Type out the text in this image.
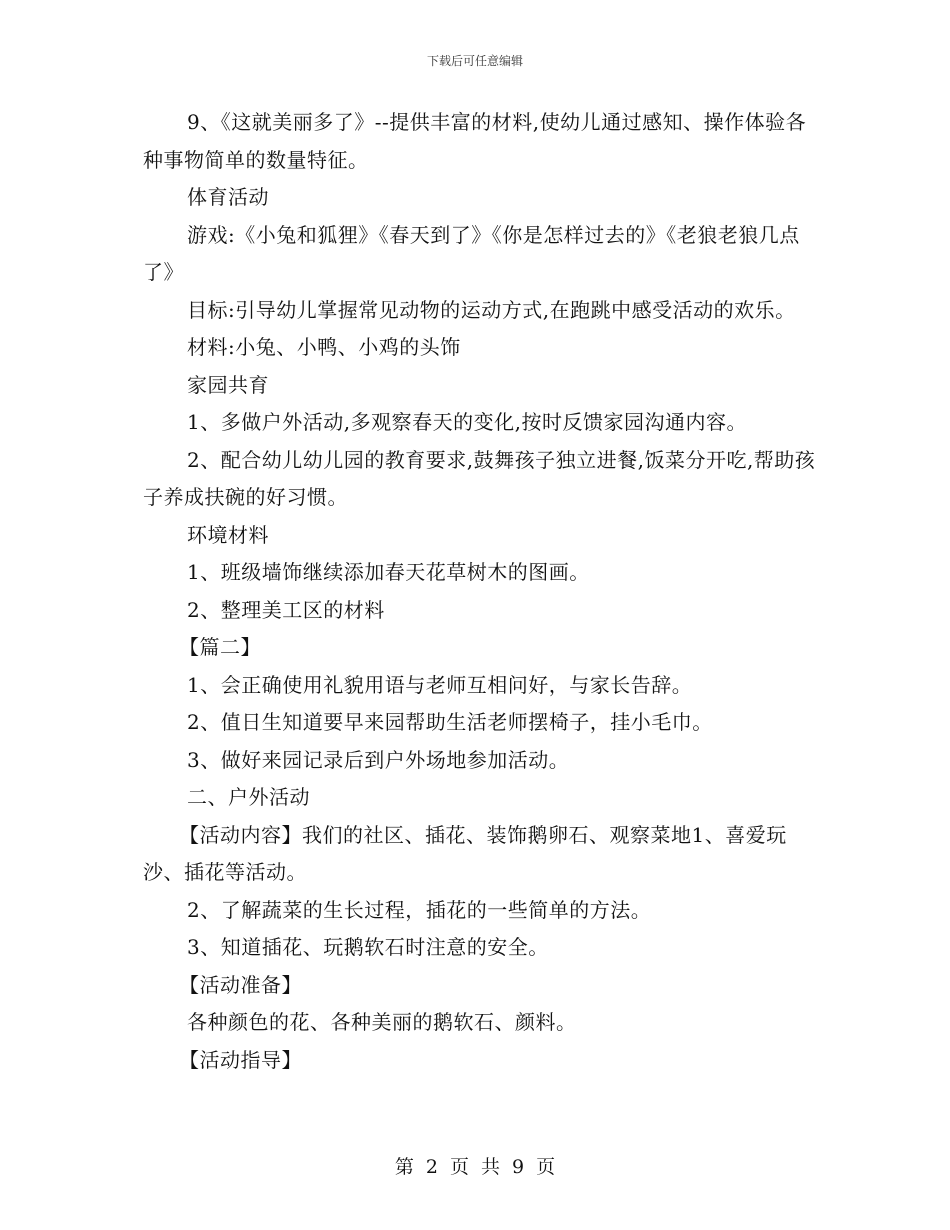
下载后可任意编辑

9、《这就美丽多了》--提供丰富的材料,使幼儿通过感知、操作体验各种事物简单的数量特征。

体育活动

游戏:《小兔和狐狸》《春天到了》《你是怎样过去的》《老狼老狼几点了》

目标:引导幼儿掌握常见动物的运动方式,在跑跳中感受活动的欢乐。

材料:小兔、小鸭、小鸡的头饰

家园共育

1、多做户外活动,多观察春天的变化,按时反馈家园沟通内容。

2、配合幼儿幼儿园的教育要求,鼓舞孩子独立进餐,饭菜分开吃,帮助孩子养成扶碗的好习惯。

环境材料

1、班级墙饰继续添加春天花草树木的图画。

2、整理美工区的材料

【篇二】

1、会正确使用礼貌用语与老师互相问好，与家长告辞。

2、值日生知道要早来园帮助生活老师摆椅子，挂小毛巾。

3、做好来园记录后到户外场地参加活动。

二、户外活动

【活动内容】我们的社区、插花、装饰鹅卵石、观察菜地1、喜爱玩沙、插花等活动。

2、了解蔬菜的生长过程，插花的一些简单的方法。

3、知道插花、玩鹅软石时注意的安全。

【活动准备】

各种颜色的花、各种美丽的鹅软石、颜料。

【活动指导】

第 2 页 共 9 页
